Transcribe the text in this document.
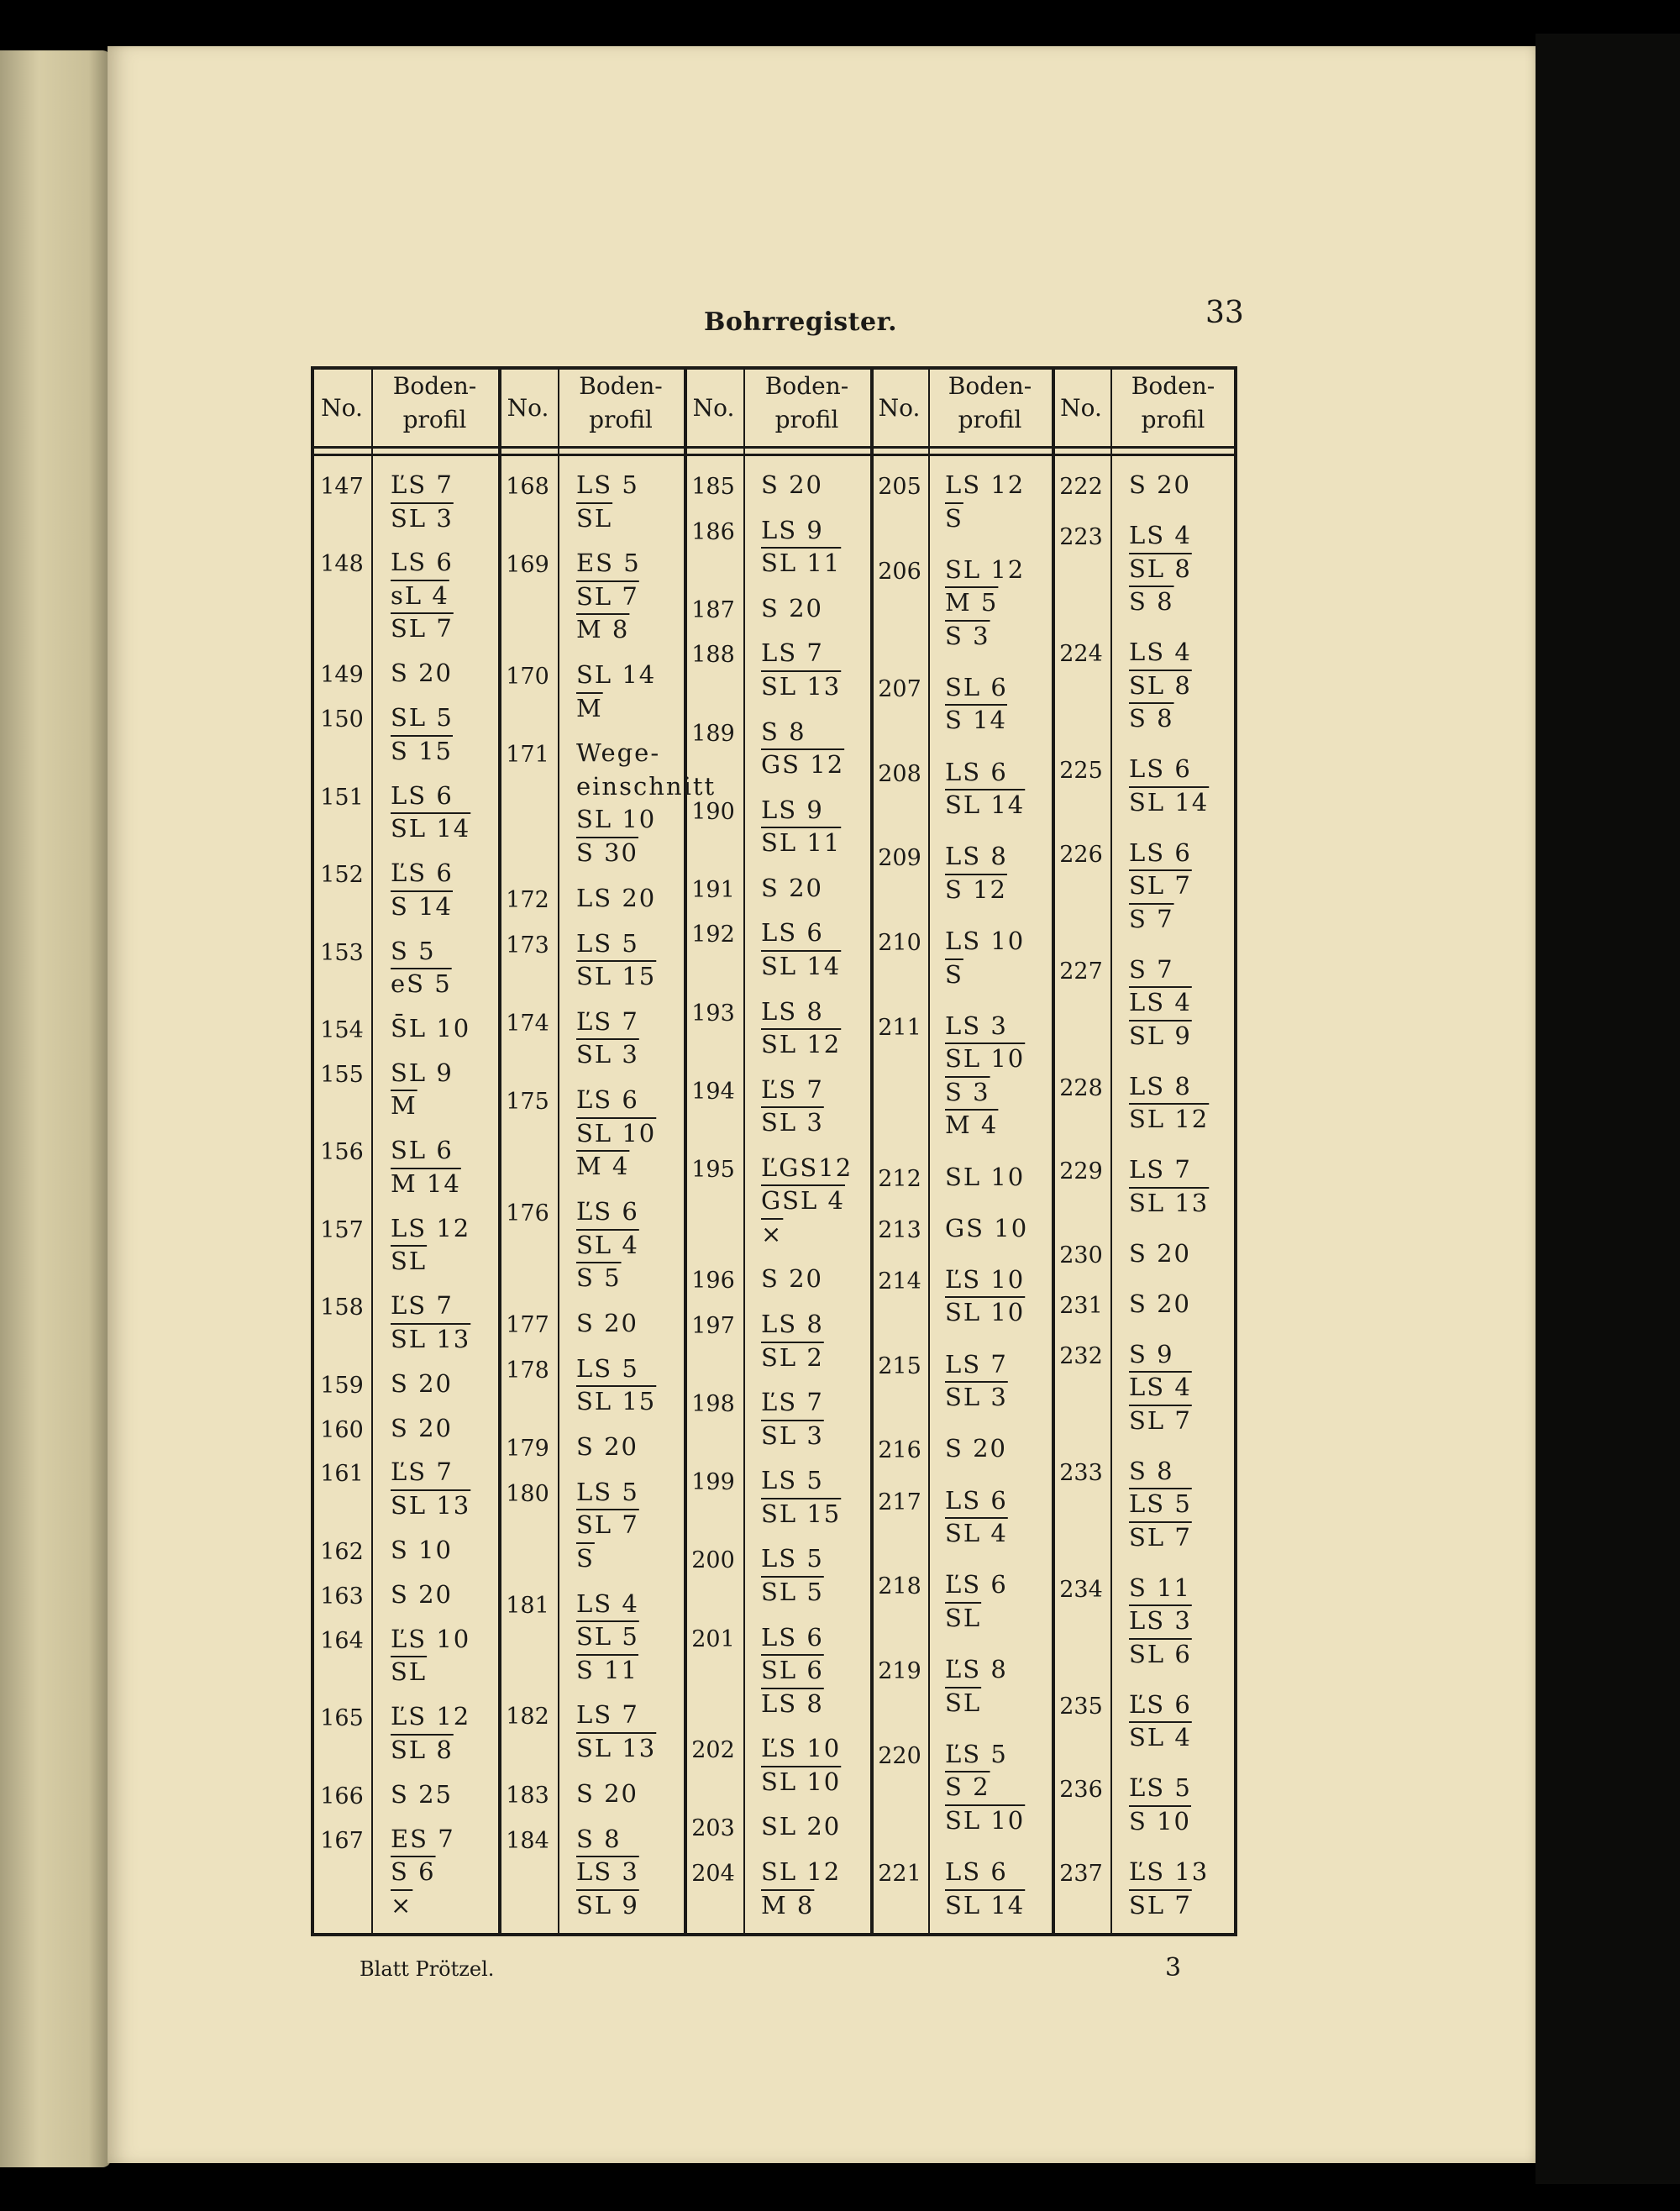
Bohrregister.	33
No.
Boden-
profil	No.
Boden-
profil	No.
Boden-
profil	No.
Boden-
profil	No.
Boden-
profil
147	ĽS 7
SL 3
148	LS 6
sL 4
SL 7
149	S 20
150	SL 5
S 15
151	LS 6
SL 14
152	ĽS 6
S 14
153	S 5
eS 5
154	S̄L 10
155	SL 9
$\overline{M}$
156	SL 6
M 14
157	LS 12
$\overline{SL}$
158	ĽS 7
SL 13
159	S 20
160	S 20
161	ĽS 7
SL 13
162	S 10
163	S 20
164	ĽS 10
$\overline{SL}$
165	ĽS 12
SL 8
166	S 25
167	ES 7
S 6
×
168	LS 5
$\overline{SL}$
169	ES 5
SL 7
M 8
170	SL 14
$\overline{M}$
171	Wege-
einschnitt
SL 10
S 30
172	LS 20
173	LS 5
SL 15
174	ĽS 7
SL 3
175	ĽS 6
SL 10
M 4
176	ĽS 6
SL 4
S 5
177	S 20
178	LS 5
SL 15
179	S 20
180	LS 5
SL 7
$\overline{S}$
181	LS 4
SL 5
S 11
182	LS 7
SL 13
183	S 20
184	S 8
LS 3
SL 9
185	S 20
186	LS 9
SL 11
187	S 20
188	LS 7
SL 13
189	S 8
GS 12
190	LS 9
SL 11
191	S 20
192	LS 6
SL 14
193	LS 8
SL 12
194	ĽS 7
SL 3
195	ĽGS12
GSL 4
×
196	S 20
197	LS 8
SL 2
198	ĽS 7
SL 3
199	LS 5
SL 15
200	LS 5
SL 5
201	LS 6
SL 6
LS 8
202	ĽS 10
SL 10
203	SL 20
204	SL 12
M 8
205 LS 12
$\overline{S}$
206 SL 12
M 5
S 3
207 SL 6
S 14
208 LS 6
SL 14
209 LS 8
S 12
210 LS 10
$\overline{S}$
211 LS 3
SL 10
S 3
M 4
212 SL 10
213 GS 10
214 ĽS 10
SL 10
215 LS 7
SL 3
216 S 20
217 LS 6
SL 4
218 ĽS 6
$\overline{SL}$
219 ĽS 8
$\overline{SL}$
220 ĽS 5
S 2
SL 10
221 LS 6
SL 14
222	S 20
223	LS 4
SL 8
S 8
224	LS 4
SL 8
S 8
225	LS 6
SL 14
226	LS 6
SL 7
S 7
227	S 7
LS 4
SL 9
228	LS 8
SL 12
229	LS 7
SL 13
230	S 20
231	S 20
232	S 9
LS 4
SL 7
233	S 8
LS 5
SL 7
234	S 11
LS 3
SL 6
235	ĽS 6
SL 4
236	ĽS 5
S 10
237	ĽS 13
SL 7
Blatt Prötzel.	3
